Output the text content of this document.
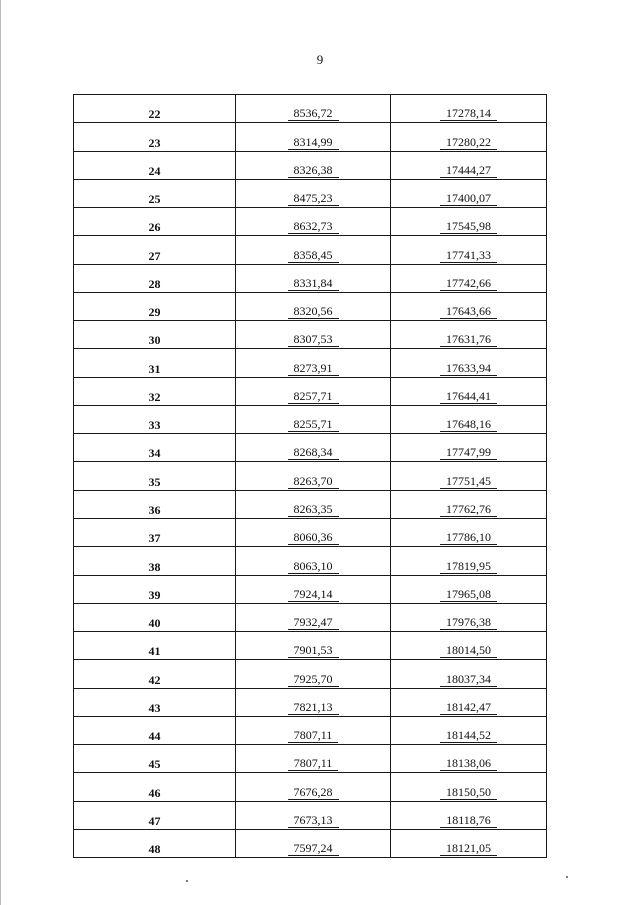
9
22	8536,72	17278,14
23	8314,99	17280,22
24	8326,38	17444,27
25	8475,23	17400,07
26	8632,73	17545,98
27	8358,45	17741,33
28	8331,84	17742,66
29	8320,56	17643,66
30	8307,53	17631,76
31	8273,91	17633,94
32	8257,71	17644,41
33	8255,71	17648,16
34	8268,34	17747,99
35	8263,70	17751,45
36	8263,35	17762,76
37	8060,36	17786,10
38	8063,10	17819,95
39	7924,14	17965,08
40	7932,47	17976,38
41	7901,53	18014,50
42	7925,70	18037,34
43	7821,13	18142,47
44	7807,11	18144,52
45	7807,11	18138,06
46	7676,28	18150,50
47	7673,13	18118,76
48	7597,24	18121,05
